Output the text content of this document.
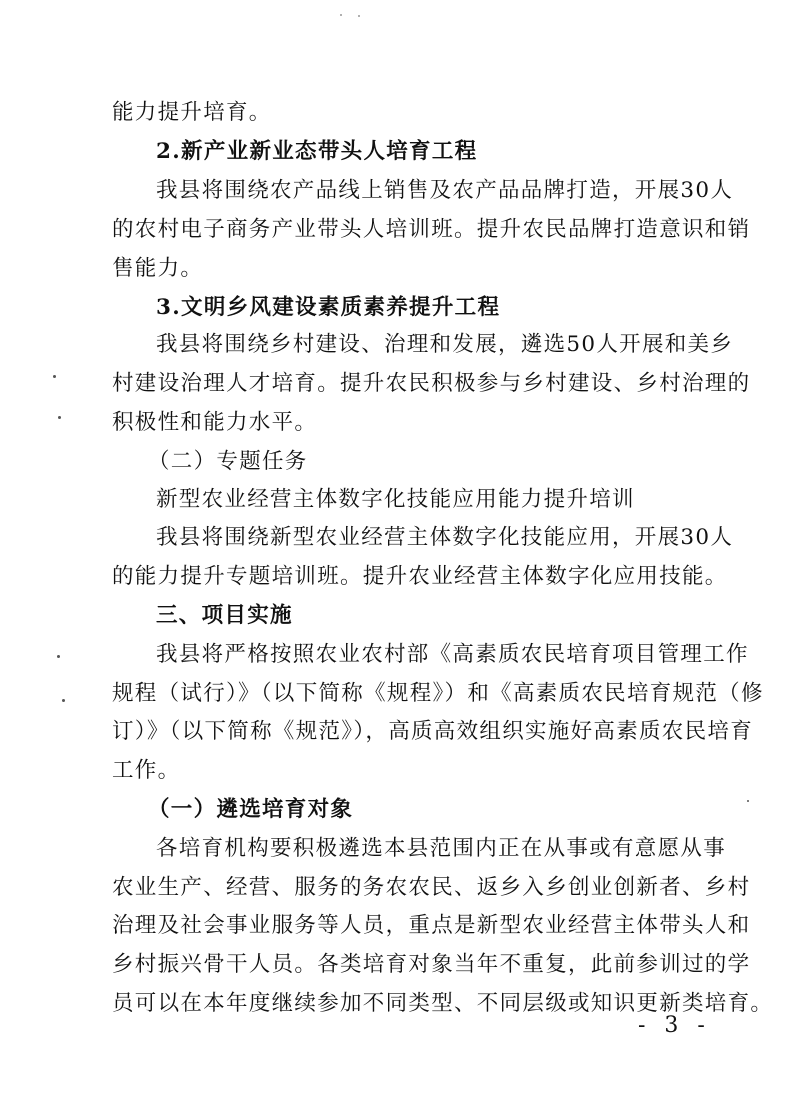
能力提升培育。
2.新产业新业态带头人培育工程
我县将围绕农产品线上销售及农产品品牌打造，开展30人
的农村电子商务产业带头人培训班。提升农民品牌打造意识和销
售能力。
3.文明乡风建设素质素养提升工程
我县将围绕乡村建设、治理和发展，遴选50人开展和美乡
村建设治理人才培育。提升农民积极参与乡村建设、乡村治理的
积极性和能力水平。
（二）专题任务
新型农业经营主体数字化技能应用能力提升培训
我县将围绕新型农业经营主体数字化技能应用，开展30人
的能力提升专题培训班。提升农业经营主体数字化应用技能。
三、项目实施
我县将严格按照农业农村部《高素质农民培育项目管理工作
规程（试行）》（以下简称《规程》）和《高素质农民培育规范（修
订）》（以下简称《规范》），高质高效组织实施好高素质农民培育
工作。
（一）遴选培育对象
各培育机构要积极遴选本县范围内正在从事或有意愿从事
农业生产、经营、服务的务农农民、返乡入乡创业创新者、乡村
治理及社会事业服务等人员，重点是新型农业经营主体带头人和
乡村振兴骨干人员。各类培育对象当年不重复，此前参训过的学
员可以在本年度继续参加不同类型、不同层级或知识更新类培育。
- 3 -
